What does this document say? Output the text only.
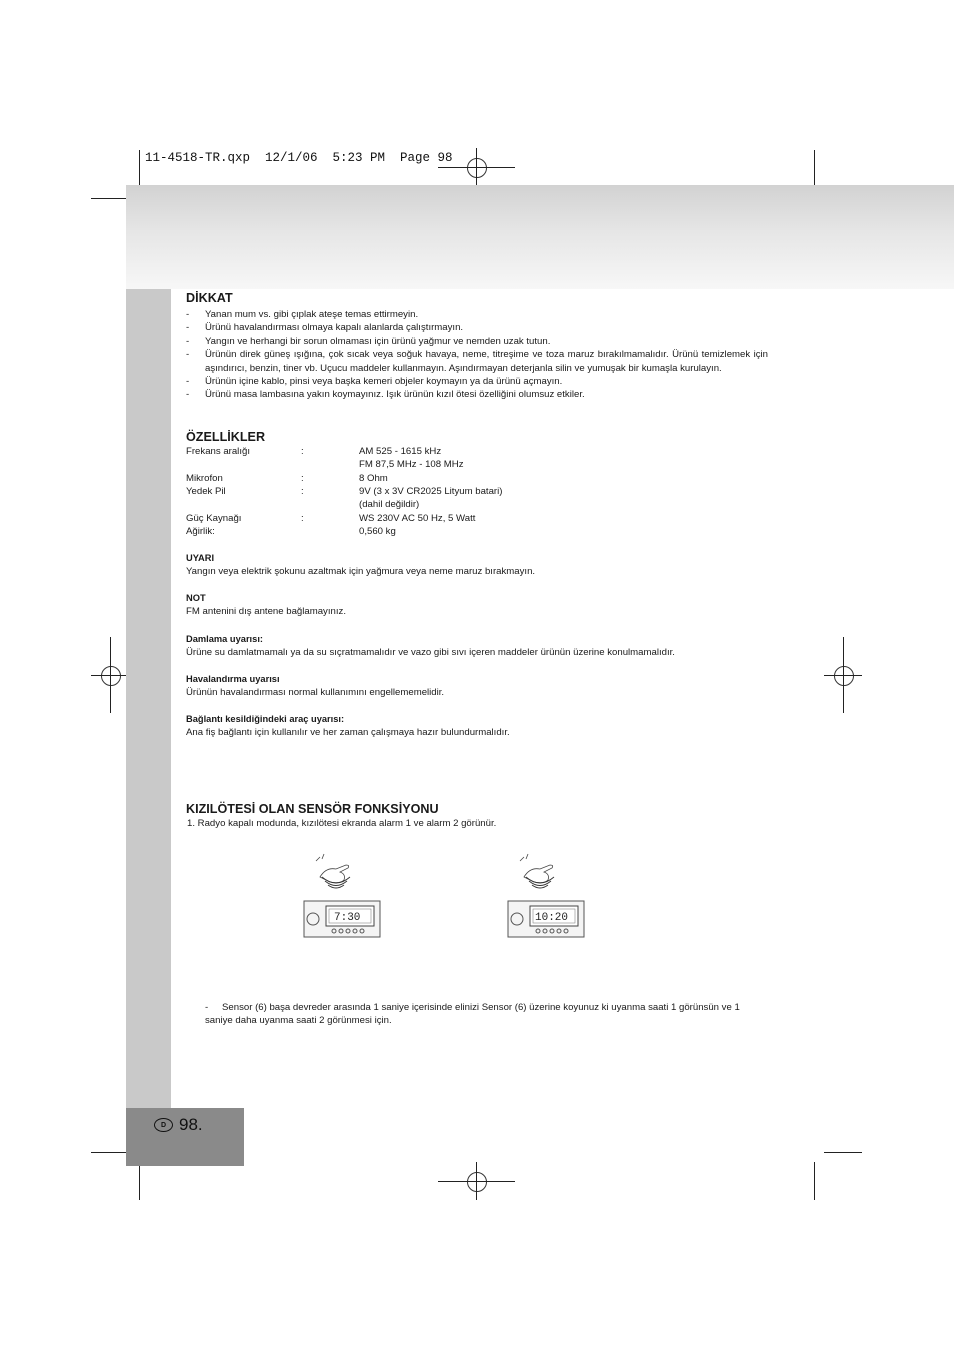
11-4518-TR.qxp  12/1/06  5:23 PM  Page 98
D 98.
DİKKAT
- Yanan mum vs. gibi çıplak ateşe temas ettirmeyin.
- Ürünü havalandırması olmaya kapalı alanlarda çalıştırmayın.
- Yangın ve herhangi bir sorun olmaması için ürünü yağmur ve nemden uzak tutun.
- Ürünün direk güneş ışığına, çok sıcak veya soğuk havaya, neme, titreşime ve toza maruz bırakılmamalıdır. Ürünü temizlemek için aşındırıcı, benzin, tiner vb. Uçucu maddeler kullanmayın. Aşındırmayan deterjanla silin ve yumuşak bir kumaşla kurulayın.
- Ürünün içine kablo, pinsi veya başka kemeri objeler koymayın ya da ürünü açmayın.
- Ürünü masa lambasına yakın koymayınız. Işık ürünün kızıl ötesi özelliğini olumsuz etkiler.
ÖZELLİKLER
Frekans aralığı	:	AM 525 - 1615 kHz
FM 87,5 MHz - 108 MHz
Mikrofon	:	8 Ohm
Yedek Pil	:	9V (3 x 3V CR2025 Lityum batari)
(dahil değildir)
Güç Kaynağı	:	WS 230V AC 50 Hz, 5 Watt
Ağirlik:	0,560 kg

UYARI

Yangın veya elektrik şokunu azaltmak için yağmura veya neme maruz bırakmayın.

NOT

FM antenini dış antene bağlamayınız.

Damlama uyarısı:

Ürüne su damlatmamalı ya da su sıçratmamalıdır ve vazo gibi sıvı içeren maddeler ürünün üzerine konulmamalıdır.

Havalandırma uyarısı

Ürünün havalandırması normal kullanımını engellememelidir.

Bağlantı kesildiğindeki araç uyarısı:

Ana fiş bağlantı için kullanılır ve her zaman çalışmaya hazır bulundurmalıdır.

KIZILÖTESİ OLAN SENSÖR FONKSİYONU

1. Radyo kapalı modunda, kızılötesi ekranda alarm 1 ve alarm 2 görünür.

7:30	10:20
-	Sensor (6) başa devreder arasında 1 saniye içerisinde elinizi Sensor (6) üzerine koyunuz ki uyanma saati 1 görünsün ve 1 saniye daha uyanma saati 2 görünmesi için.
